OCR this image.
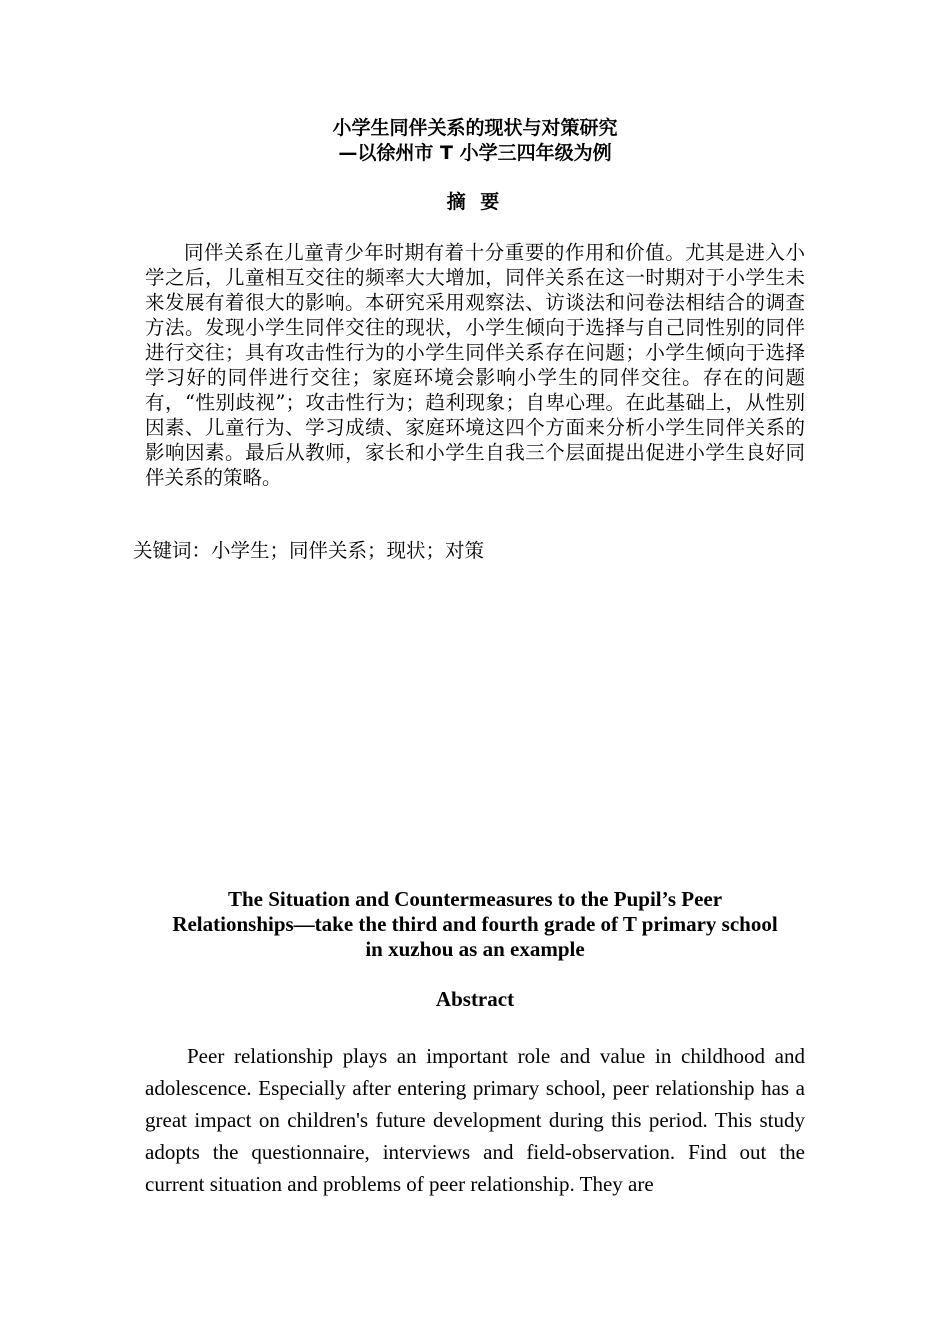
小学生同伴关系的现状与对策研究
—以徐州市 T 小学三四年级为例
摘 要

同伴关系在儿童青少年时期有着十分重要的作用和价值。尤其是进入小学之后，儿童相互交往的频率大大增加，同伴关系在这一时期对于小学生未来发展有着很大的影响。本研究采用观察法、访谈法和问卷法相结合的调查方法。发现小学生同伴交往的现状，小学生倾向于选择与自己同性别的同伴进行交往；具有攻击性行为的小学生同伴关系存在问题；小学生倾向于选择学习好的同伴进行交往；家庭环境会影响小学生的同伴交往。存在的问题有，“性别歧视”；攻击性行为；趋利现象；自卑心理。在此基础上，从性别因素、儿童行为、学习成绩、家庭环境这四个方面来分析小学生同伴关系的影响因素。最后从教师，家长和小学生自我三个层面提出促进小学生良好同伴关系的策略。

关键词：小学生；同伴关系；现状；对策
The Situation and Countermeasures to the Pupil’s Peer
Relationships—take the third and fourth grade of T primary school
in xuzhou as an example
Abstract

Peer relationship plays an important role and value in childhood and adolescence. Especially after entering primary school, peer relationship has a great impact on children's future development during this period. This study adopts the questionnaire, interviews and field-observation. Find out the current situation and problems of peer relationship. They are
